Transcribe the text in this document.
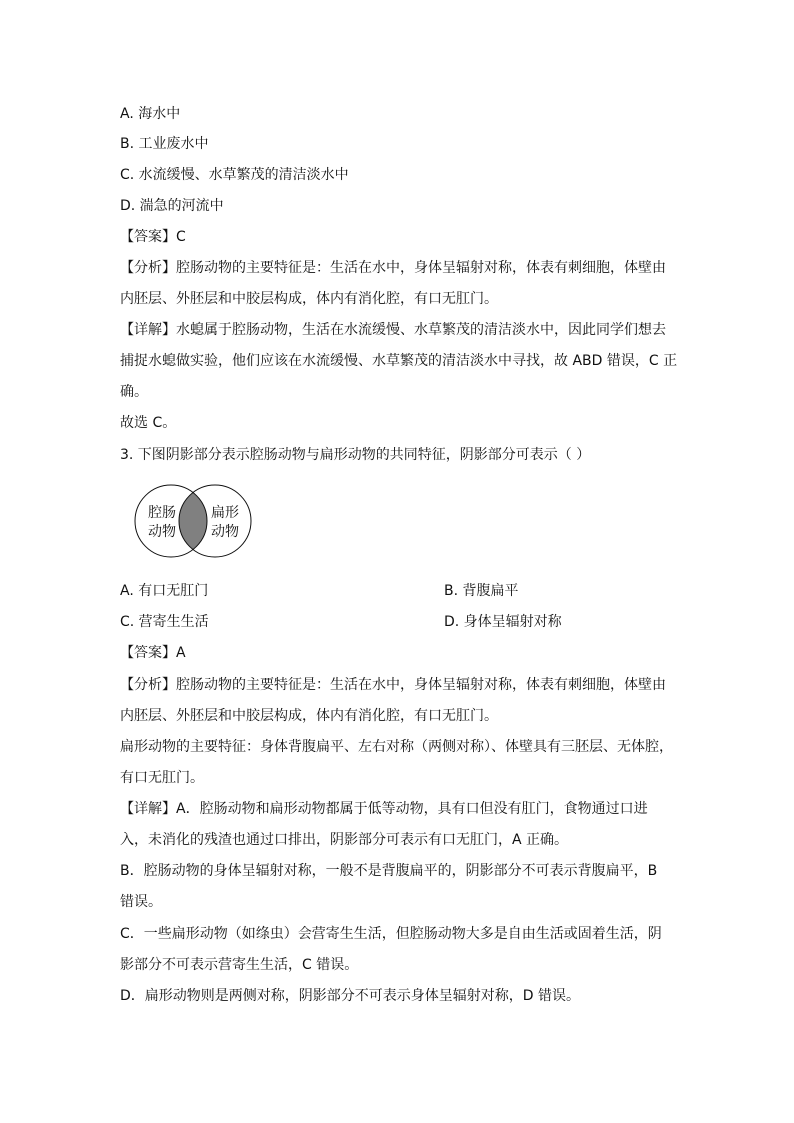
A. 海水中
B. 工业废水中
C. 水流缓慢、水草繁茂的清洁淡水中
D. 湍急的河流中
【答案】C
【分析】腔肠动物的主要特征是：生活在水中，身体呈辐射对称，体表有刺细胞，体壁由
内胚层、外胚层和中胶层构成，体内有消化腔，有口无肛门。
【详解】水螅属于腔肠动物，生活在水流缓慢、水草繁茂的清洁淡水中，因此同学们想去
捕捉水螅做实验，他们应该在水流缓慢、水草繁茂的清洁淡水中寻找，故 ABD 错误，C 正
确。
故选 C。
3. 下图阴影部分表示腔肠动物与扁形动物的共同特征，阴影部分可表示（ ）
腔肠
动物
扁形
动物
A. 有口无肛门	B. 背腹扁平
C. 营寄生生活	D. 身体呈辐射对称
【答案】A
【分析】腔肠动物的主要特征是：生活在水中，身体呈辐射对称，体表有刺细胞，体壁由
内胚层、外胚层和中胶层构成，体内有消化腔，有口无肛门。
扁形动物的主要特征：身体背腹扁平、左右对称（两侧对称）、体壁具有三胚层、无体腔，
有口无肛门。
【详解】A．腔肠动物和扁形动物都属于低等动物，具有口但没有肛门，食物通过口进
入，未消化的残渣也通过口排出，阴影部分可表示有口无肛门，A 正确。
B．腔肠动物的身体呈辐射对称，一般不是背腹扁平的，阴影部分不可表示背腹扁平，B
错误。
C．一些扁形动物（如绦虫）会营寄生生活，但腔肠动物大多是自由生活或固着生活，阴
影部分不可表示营寄生生活，C 错误。
D．扁形动物则是两侧对称，阴影部分不可表示身体呈辐射对称，D 错误。
